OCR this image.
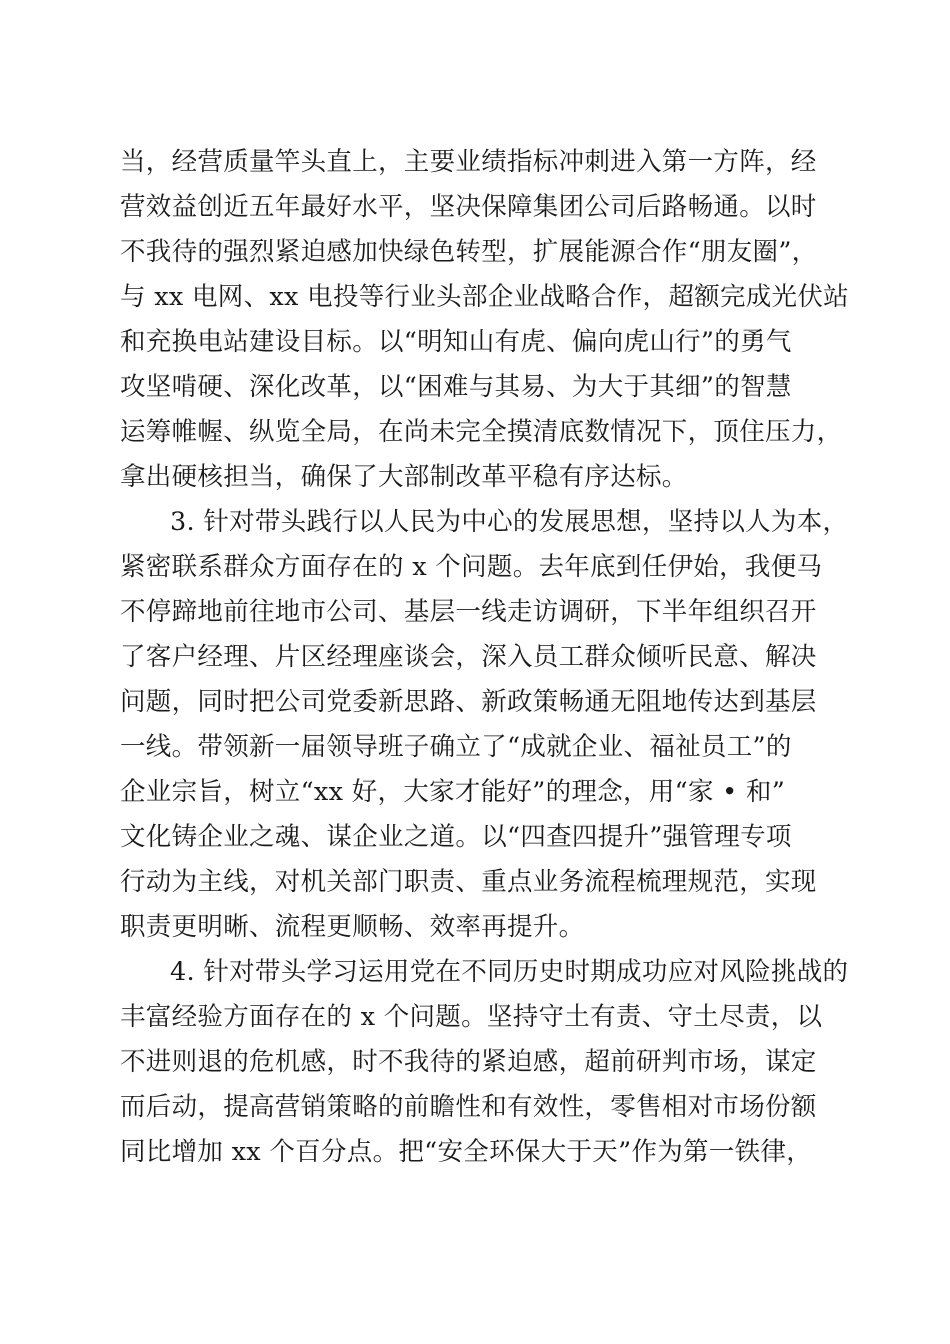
当，经营质量竿头直上，主要业绩指标冲刺进入第一方阵，经
营效益创近五年最好水平，坚决保障集团公司后路畅通。以时
不我待的强烈紧迫感加快绿色转型，扩展能源合作“朋友圈”，
与 xx 电网、xx 电投等行业头部企业战略合作，超额完成光伏站
和充换电站建设目标。以“明知山有虎、偏向虎山行”的勇气
攻坚啃硬、深化改革，以“困难与其易、为大于其细”的智慧
运筹帷幄、纵览全局，在尚未完全摸清底数情况下，顶住压力，
拿出硬核担当，确保了大部制改革平稳有序达标。
3. 针对带头践行以人民为中心的发展思想，坚持以人为本，
紧密联系群众方面存在的 x 个问题。去年底到任伊始，我便马
不停蹄地前往地市公司、基层一线走访调研，下半年组织召开
了客户经理、片区经理座谈会，深入员工群众倾听民意、解决
问题，同时把公司党委新思路、新政策畅通无阻地传达到基层
一线。带领新一届领导班子确立了“成就企业、福祉员工”的
企业宗旨，树立“xx 好，大家才能好”的理念，用“家 • 和”
文化铸企业之魂、谋企业之道。以“四查四提升”强管理专项
行动为主线，对机关部门职责、重点业务流程梳理规范，实现
职责更明晰、流程更顺畅、效率再提升。
4. 针对带头学习运用党在不同历史时期成功应对风险挑战的
丰富经验方面存在的 x 个问题。坚持守土有责、守土尽责，以
不进则退的危机感，时不我待的紧迫感，超前研判市场，谋定
而后动，提高营销策略的前瞻性和有效性，零售相对市场份额
同比增加 xx 个百分点。把“安全环保大于天”作为第一铁律，
